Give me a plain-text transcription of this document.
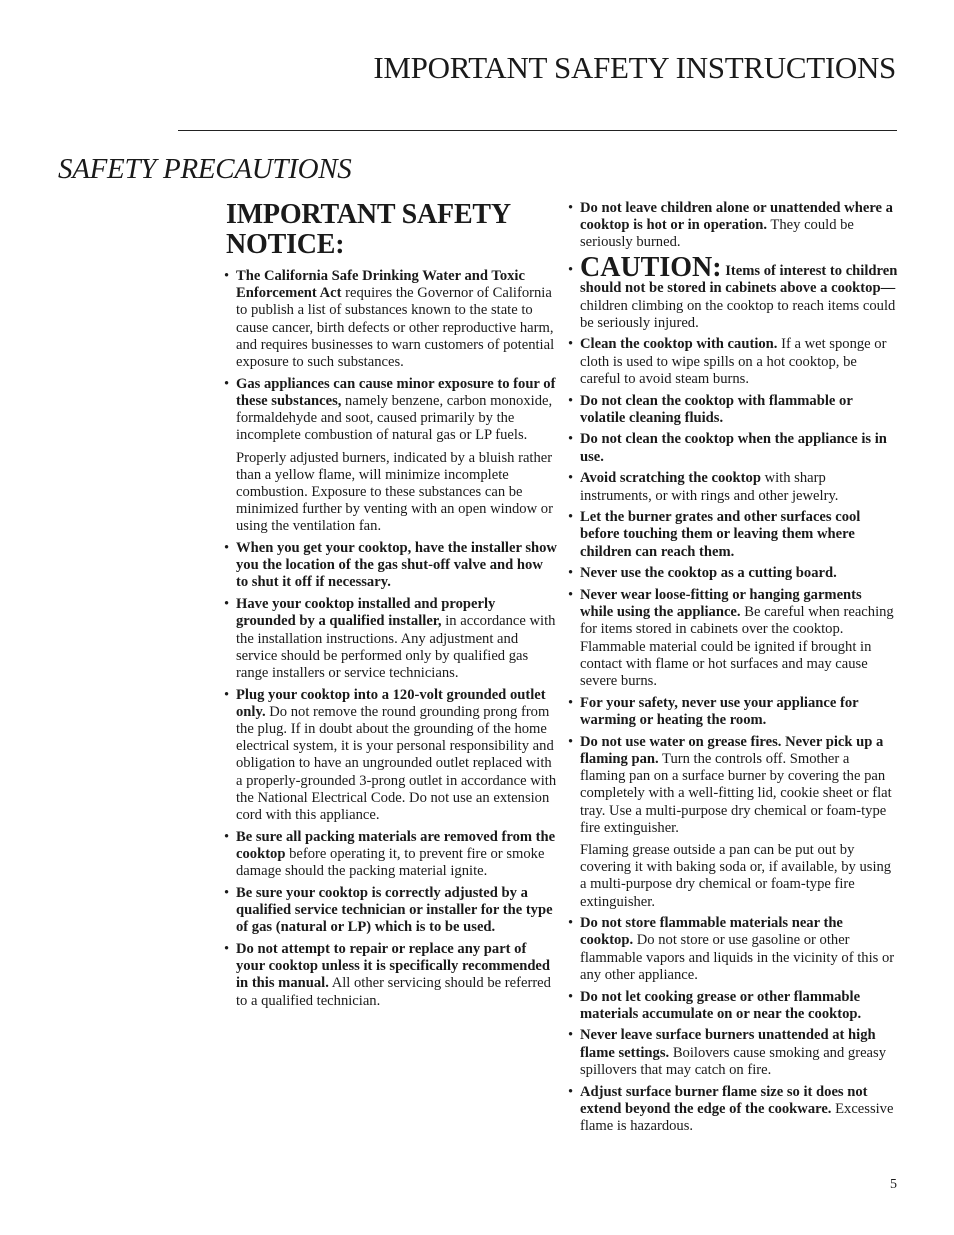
IMPORTANT SAFETY INSTRUCTIONS
SAFETY PRECAUTIONS
IMPORTANT SAFETY NOTICE:
• The California Safe Drinking Water and Toxic Enforcement Act requires the Governor of California to publish a list of substances known to the state to cause cancer, birth defects or other reproductive harm, and requires businesses to warn customers of potential exposure to such substances.

• Gas appliances can cause minor exposure to four of these substances, namely benzene, carbon monoxide, formaldehyde and soot, caused primarily by the incomplete combustion of natural gas or LP fuels.

Properly adjusted burners, indicated by a bluish rather than a yellow flame, will minimize incomplete combustion. Exposure to these substances can be minimized further by venting with an open window or using the ventilation fan.

• When you get your cooktop, have the installer show you the location of the gas shut-off valve and how to shut it off if necessary.

• Have your cooktop installed and properly grounded by a qualified installer, in accordance with the installation instructions. Any adjustment and service should be performed only by qualified gas range installers or service technicians.

• Plug your cooktop into a 120-volt grounded outlet only. Do not remove the round grounding prong from the plug. If in doubt about the grounding of the home electrical system, it is your personal responsibility and obligation to have an ungrounded outlet replaced with a properly-grounded 3-prong outlet in accordance with the National Electrical Code. Do not use an extension cord with this appliance.

• Be sure all packing materials are removed from the cooktop before operating it, to prevent fire or smoke damage should the packing material ignite.

• Be sure your cooktop is correctly adjusted by a qualified service technician or installer for the type of gas (natural or LP) which is to be used.

• Do not attempt to repair or replace any part of your cooktop unless it is specifically recommended in this manual. All other servicing should be referred to a qualified technician.

• Do not leave children alone or unattended where a cooktop is hot or in operation. They could be seriously burned.

• CAUTION: Items of interest to children should not be stored in cabinets above a cooktop—children climbing on the cooktop to reach items could be seriously injured.

• Clean the cooktop with caution. If a wet sponge or cloth is used to wipe spills on a hot cooktop, be careful to avoid steam burns.

• Do not clean the cooktop with flammable or volatile cleaning fluids.

• Do not clean the cooktop when the appliance is in use.

• Avoid scratching the cooktop with sharp instruments, or with rings and other jewelry.

• Let the burner grates and other surfaces cool before touching them or leaving them where children can reach them.

• Never use the cooktop as a cutting board.

• Never wear loose-fitting or hanging garments while using the appliance. Be careful when reaching for items stored in cabinets over the cooktop. Flammable material could be ignited if brought in contact with flame or hot surfaces and may cause severe burns.

• For your safety, never use your appliance for warming or heating the room.

• Do not use water on grease fires. Never pick up a flaming pan. Turn the controls off. Smother a flaming pan on a surface burner by covering the pan completely with a well-fitting lid, cookie sheet or flat tray. Use a multi-purpose dry chemical or foam-type fire extinguisher.

Flaming grease outside a pan can be put out by covering it with baking soda or, if available, by using a multi-purpose dry chemical or foam-type fire extinguisher.

• Do not store flammable materials near the cooktop. Do not store or use gasoline or other flammable vapors and liquids in the vicinity of this or any other appliance.

• Do not let cooking grease or other flammable materials accumulate on or near the cooktop.

• Never leave surface burners unattended at high flame settings. Boilovers cause smoking and greasy spillovers that may catch on fire.

• Adjust surface burner flame size so it does not extend beyond the edge of the cookware. Excessive flame is hazardous.

5
